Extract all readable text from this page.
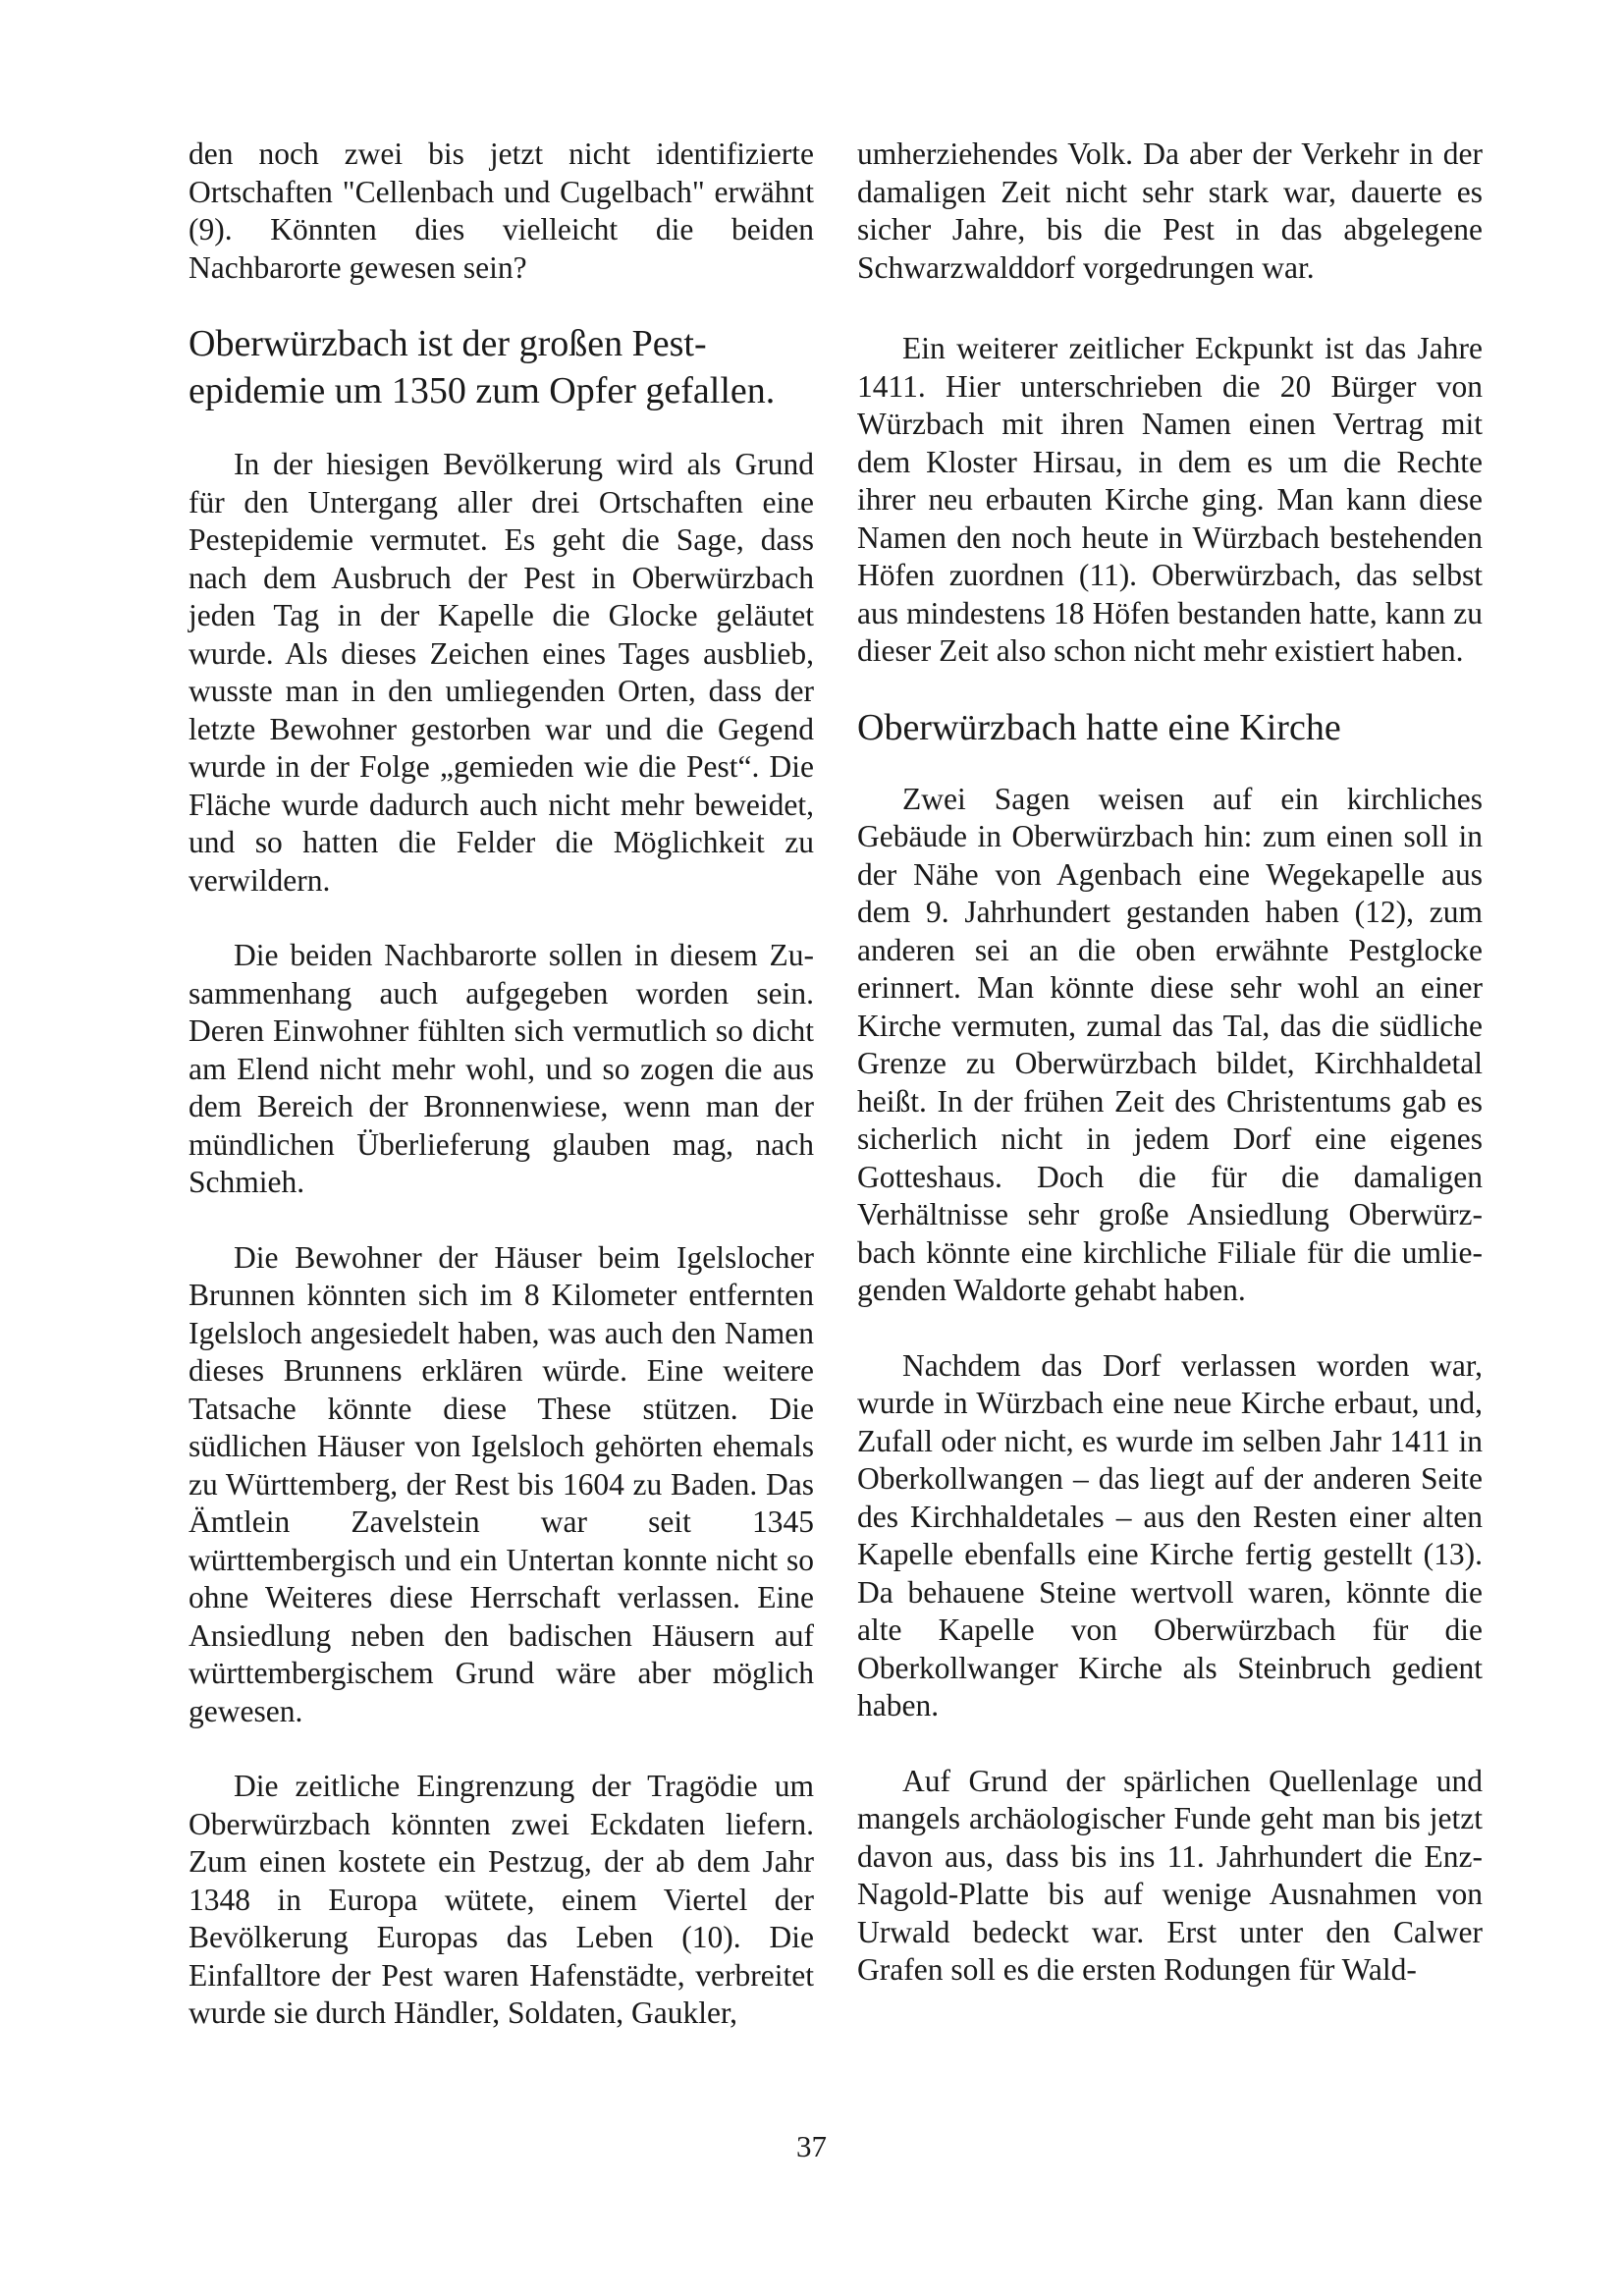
den noch zwei bis jetzt nicht identifizierte Ortschaften "Cellenbach und Cugelbach" erwähnt (9). Könnten dies vielleicht die beiden Nachbarorte gewesen sein?

Oberwürzbach ist der großen Pestepidemie um 1350 zum Opfer gefallen.

In der hiesigen Bevölkerung wird als Grund für den Untergang aller drei Ortschaften eine Pestepidemie vermutet. Es geht die Sage, dass nach dem Ausbruch der Pest in Oberwürzbach jeden Tag in der Kapelle die Glocke geläutet wurde. Als dieses Zeichen eines Tages ausblieb, wusste man in den umliegenden Orten, dass der letzte Bewohner gestorben war und die Gegend wurde in der Folge „gemieden wie die Pest“. Die Fläche wurde dadurch auch nicht mehr beweidet, und so hatten die Felder die Möglichkeit zu verwildern.

Die beiden Nachbarorte sollen in diesem Zusammenhang auch aufgegeben worden sein. Deren Einwohner fühlten sich vermutlich so dicht am Elend nicht mehr wohl, und so zogen die aus dem Bereich der Bronnenwiese, wenn man der mündlichen Überlieferung glauben mag, nach Schmieh.

Die Bewohner der Häuser beim Igelslocher Brunnen könnten sich im 8 Kilometer entfernten Igelsloch angesiedelt haben, was auch den Namen dieses Brunnens erklären würde. Eine weitere Tatsache könnte diese These stützen. Die südlichen Häuser von Igelsloch gehörten ehemals zu Württemberg, der Rest bis 1604 zu Baden. Das Ämtlein Zavelstein war seit 1345 württembergisch und ein Untertan konnte nicht so ohne Weiteres diese Herrschaft verlassen. Eine Ansiedlung neben den badischen Häusern auf württembergischem Grund wäre aber möglich gewesen.

Die zeitliche Eingrenzung der Tragödie um Oberwürzbach könnten zwei Eckdaten liefern. Zum einen kostete ein Pestzug, der ab dem Jahr 1348 in Europa wütete, einem Viertel der Bevölkerung Europas das Leben (10). Die Einfalltore der Pest waren Hafenstädte, verbreitet wurde sie durch Händler, Soldaten, Gaukler,

umherziehendes Volk. Da aber der Verkehr in der damaligen Zeit nicht sehr stark war, dauerte es sicher Jahre, bis die Pest in das abgelegene Schwarzwalddorf vorgedrungen war.

Ein weiterer zeitlicher Eckpunkt ist das Jahre 1411. Hier unterschrieben die 20 Bürger von Würzbach mit ihren Namen einen Vertrag mit dem Kloster Hirsau, in dem es um die Rechte ihrer neu erbauten Kirche ging. Man kann diese Namen den noch heute in Würzbach bestehenden Höfen zuordnen (11). Oberwürzbach, das selbst aus mindestens 18 Höfen bestanden hatte, kann zu dieser Zeit also schon nicht mehr existiert haben.

Oberwürzbach hatte eine Kirche

Zwei Sagen weisen auf ein kirchliches Gebäude in Oberwürzbach hin: zum einen soll in der Nähe von Agenbach eine Wegekapelle aus dem 9. Jahrhundert gestanden haben (12), zum anderen sei an die oben erwähnte Pestglocke erinnert. Man könnte diese sehr wohl an einer Kirche vermuten, zumal das Tal, das die südliche Grenze zu Oberwürzbach bildet, Kirchhaldetal heißt. In der frühen Zeit des Christentums gab es sicherlich nicht in jedem Dorf eine eigenes Gotteshaus. Doch die für die damaligen Verhältnisse sehr große Ansiedlung Oberwürzbach könnte eine kirchliche Filiale für die umliegenden Waldorte gehabt haben.

Nachdem das Dorf verlassen worden war, wurde in Würzbach eine neue Kirche erbaut, und, Zufall oder nicht, es wurde im selben Jahr 1411 in Oberkollwangen – das liegt auf der anderen Seite des Kirchhaldetales – aus den Resten einer alten Kapelle ebenfalls eine Kirche fertig gestellt (13). Da behauene Steine wertvoll waren, könnte die alte Kapelle von Oberwürzbach für die Oberkollwanger Kirche als Steinbruch gedient haben.

Auf Grund der spärlichen Quellenlage und mangels archäologischer Funde geht man bis jetzt davon aus, dass bis ins 11. Jahrhundert die Enz-Nagold-Platte bis auf wenige Ausnahmen von Urwald bedeckt war. Erst unter den Calwer Grafen soll es die ersten Rodungen für Wald-

37
